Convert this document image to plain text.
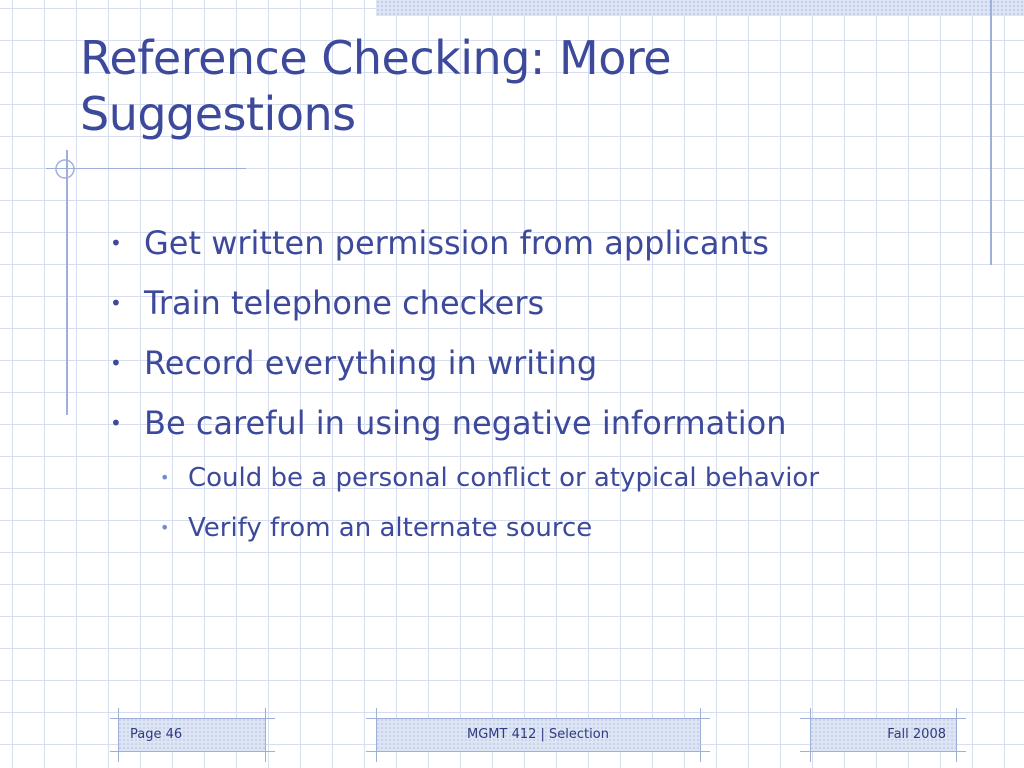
Reference Checking: More Suggestions
• Get written permission from applicants
• Train telephone checkers
• Record everything in writing
• Be careful in using negative information
• Could be a personal conflict or atypical behavior
• Verify from an alternate source
Page 46	MGMT 412 | Selection	Fall 2008
